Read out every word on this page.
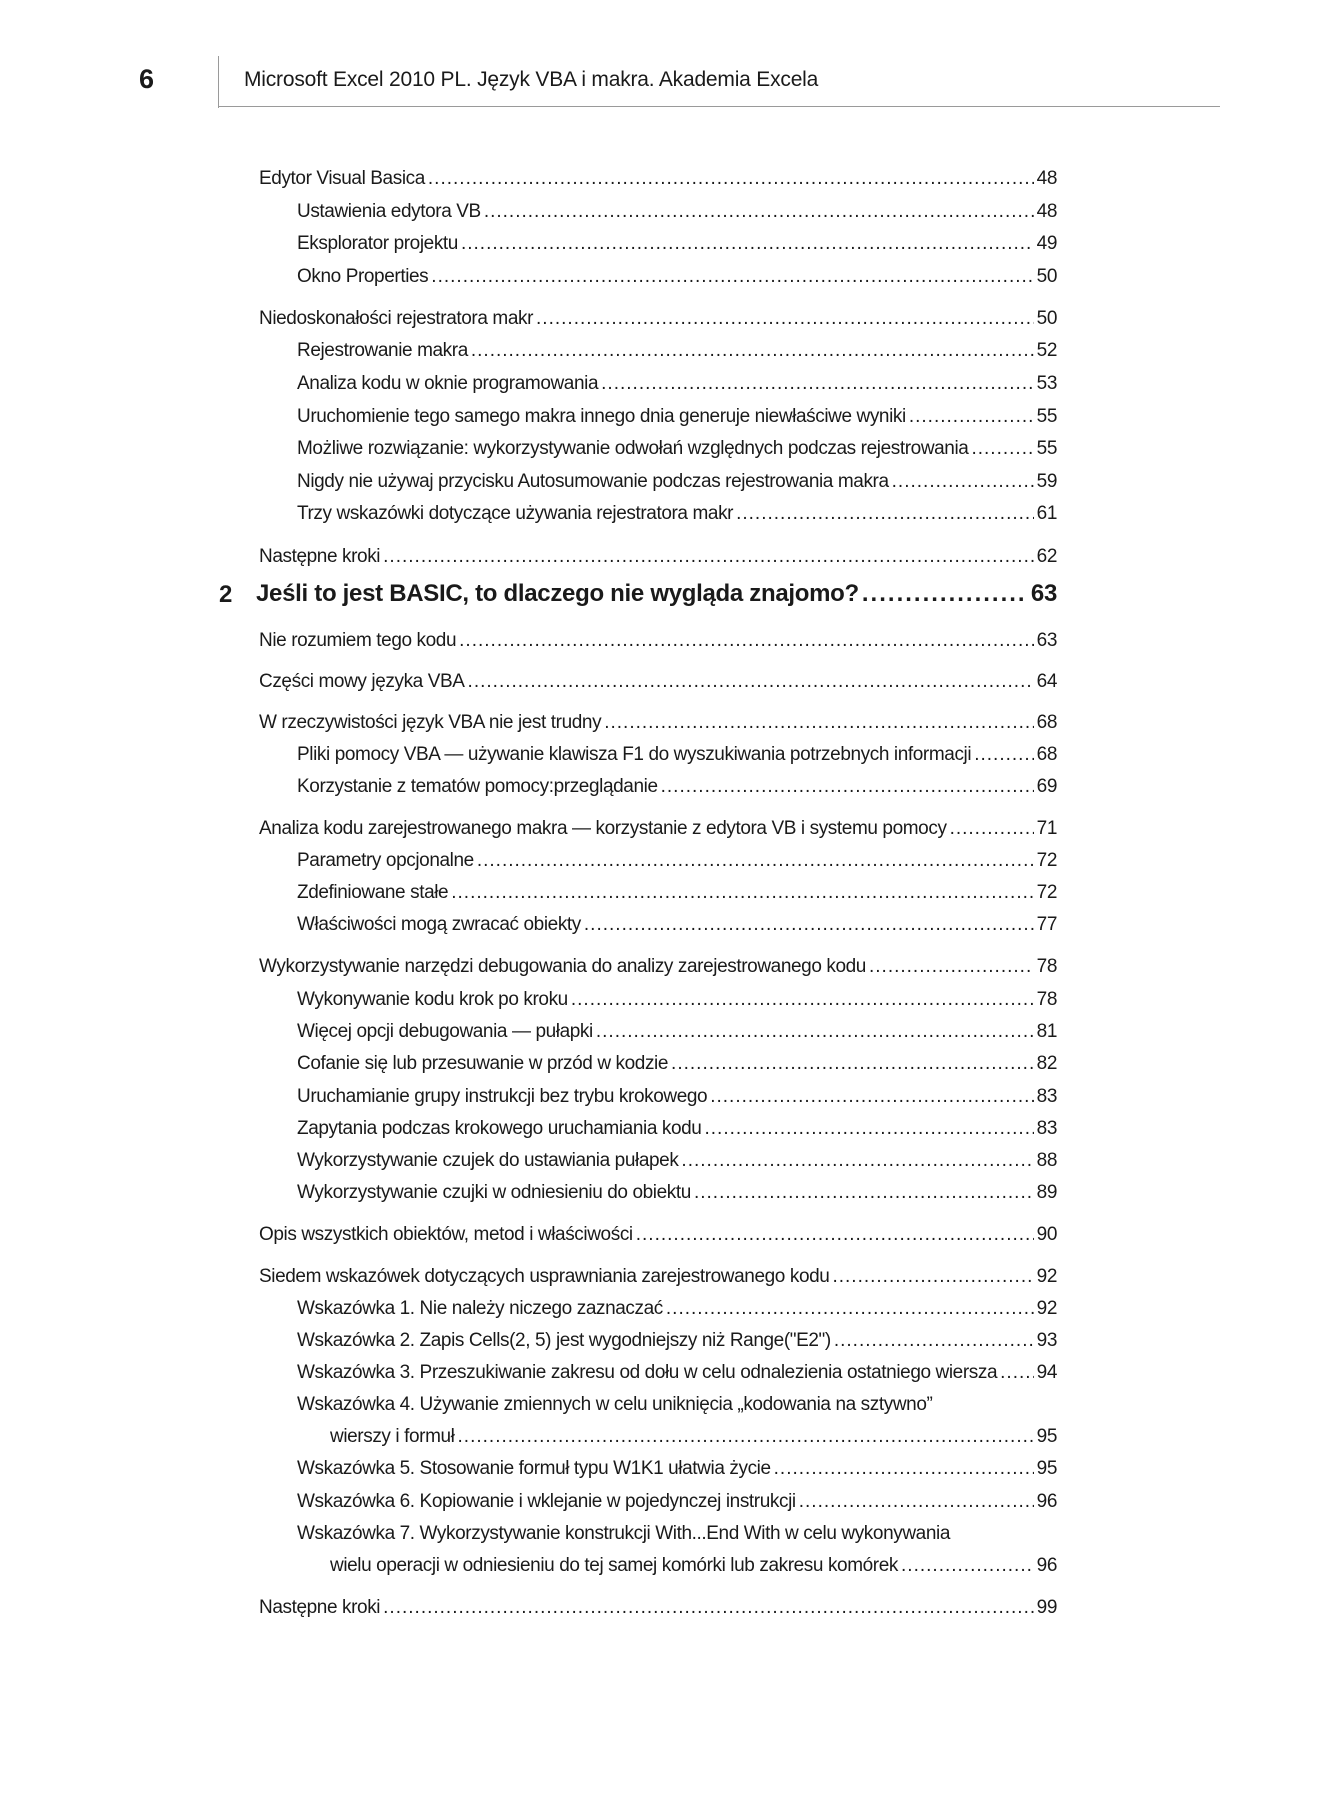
6	Microsoft Excel 2010 PL. Język VBA i makra. Akademia Excela
Edytor Visual Basica .....	48
Ustawienia edytora VB .....	48
Eksplorator projektu .....	49
Okno Properties .....	50
Niedoskonałości rejestratora makr .....	50
Rejestrowanie makra .....	52
Analiza kodu w oknie programowania .....	53
Uruchomienie tego samego makra innego dnia generuje niewłaściwe wyniki .....	55
Możliwe rozwiązanie: wykorzystywanie odwołań względnych podczas rejestrowania .....	55
Nigdy nie używaj przycisku Autosumowanie podczas rejestrowania makra .....	59
Trzy wskazówki dotyczące używania rejestratora makr .....	61
Następne kroki .....	62
Jeśli to jest BASIC, to dlaczego nie wygląda znajomo? .....	63
2
Nie rozumiem tego kodu .....	63
Części mowy języka VBA .....	64
W rzeczywistości język VBA nie jest trudny .....	68
Pliki pomocy VBA — używanie klawisza F1 do wyszukiwania potrzebnych informacji .....	68
Korzystanie z tematów pomocy:przeglądanie .....	69
Analiza kodu zarejestrowanego makra — korzystanie z edytora VB i systemu pomocy .....	71
Parametry opcjonalne .....	72
Zdefiniowane stałe .....	72
Właściwości mogą zwracać obiekty .....	77
Wykorzystywanie narzędzi debugowania do analizy zarejestrowanego kodu .....	78
Wykonywanie kodu krok po kroku .....	78
Więcej opcji debugowania — pułapki .....	81
Cofanie się lub przesuwanie w przód w kodzie .....	82
Uruchamianie grupy instrukcji bez trybu krokowego .....	83
Zapytania podczas krokowego uruchamiania kodu .....	83
Wykorzystywanie czujek do ustawiania pułapek .....	88
Wykorzystywanie czujki w odniesieniu do obiektu .....	89
Opis wszystkich obiektów, metod i właściwości .....	90
Siedem wskazówek dotyczących usprawniania zarejestrowanego kodu .....	92
Wskazówka 1. Nie należy niczego zaznaczać .....	92
Wskazówka 2. Zapis Cells(2, 5) jest wygodniejszy niż Range("E2") .....	93
Wskazówka 3. Przeszukiwanie zakresu od dołu w celu odnalezienia ostatniego wiersza ..... 94
Wskazówka 4. Używanie zmiennych w celu uniknięcia „kodowania na sztywno”
wierszy i formuł .....	95
Wskazówka 5. Stosowanie formuł typu W1K1 ułatwia życie .....	95
Wskazówka 6. Kopiowanie i wklejanie w pojedynczej instrukcji .....	96
Wskazówka 7. Wykorzystywanie konstrukcji With...End With w celu wykonywania
wielu operacji w odniesieniu do tej samej komórki lub zakresu komórek .....	96
Następne kroki .....	99
